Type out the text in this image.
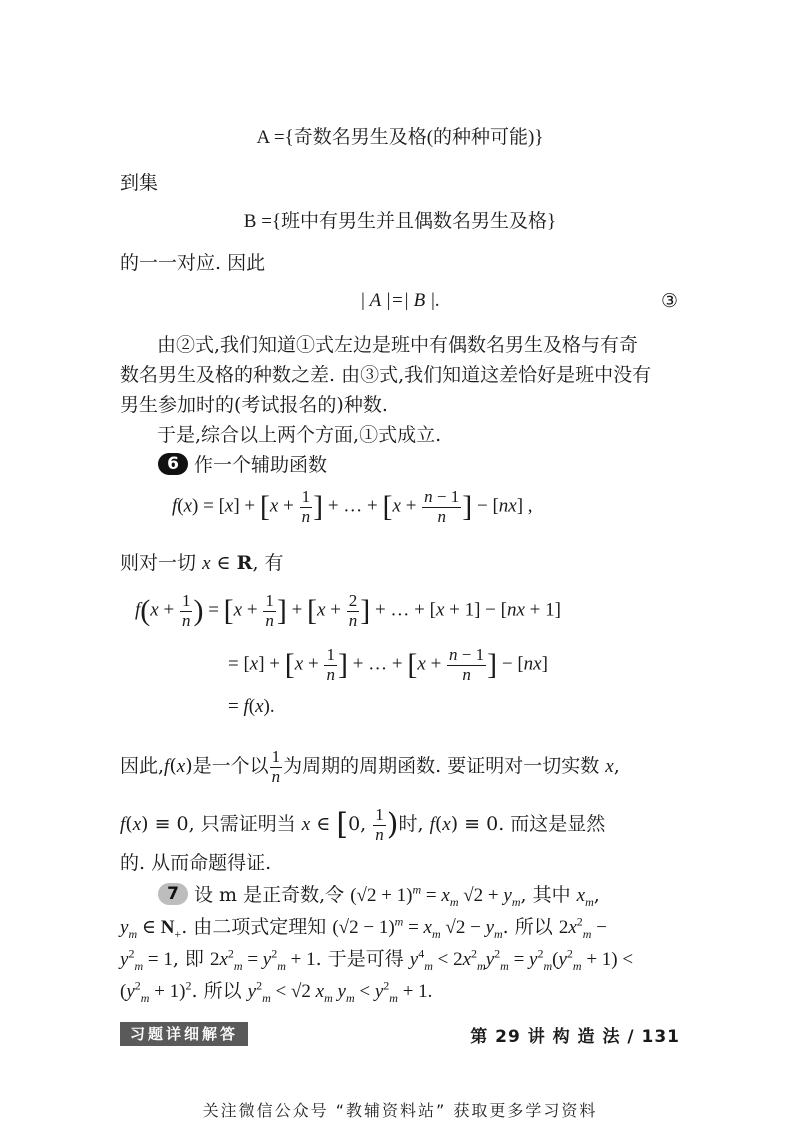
A ={奇数名男生及格(的种种可能)}
到集
B ={班中有男生并且偶数名男生及格}
的一一对应. 因此
| A |=| B |.	③
由②式,我们知道①式左边是班中有偶数名男生及格与有奇
数名男生及格的种数之差. 由③式,我们知道这差恰好是班中没有
男生参加时的(考试报名的)种数.
于是,综合以上两个方面,①式成立.
6 作一个辅助函数
$f(x) = [x] + [x + \frac{1}{n}$ ] + … + [$x + \frac{n - 1}{n}$ ] − [nx] ,
则对一切 x ∈ R, 有
$f(x + \frac{1}{n}$ ) = [$x + \frac{1}{n}$ ] + [$x + \frac{2}{n}$ ] + … + [x + 1] − [nx + 1]
= $[x] + [x + \frac{1}{n}$ ] + … + [$x + \frac{n - 1}{n}$ ] − [nx]
= f(x).
因此,f(x)是一个以 $\frac{1}{n}$ 为周期的周期函数. 要证明对一切实数 x,
f(x) ≡ 0, 只需证明当 x ∈ [0, $\frac{1}{n}$ )时, f(x) ≡ 0. 而这是显然
的. 从而命题得证.
7 设 m 是正奇数,令 $(√2 + 1)^m = x_m$ $√2 + y_m$, 其中 $x_m$,
$y_m$ ∈ $N_+$. 由二项式定理知 $(√2 - 1)^m = x_m$ $√2 - y_m$. 所以 $2x^2_m$ −
$y^2_m = 1$, 即 $2x^2_m = y^2_m + 1$. 于是可得 $y^4_m < 2x^2_my^2_m = y^2_m(y^2_m + 1)$ <
$(y^2_m + 1)^2$. 所以 $y^2_m < √2$ $x_m$ $y_m < y^2_m + 1$.
习题详细解答	第 29 讲 构 造 法 / 131
关注微信公众号 “教辅资料站” 获取更多学习资料
